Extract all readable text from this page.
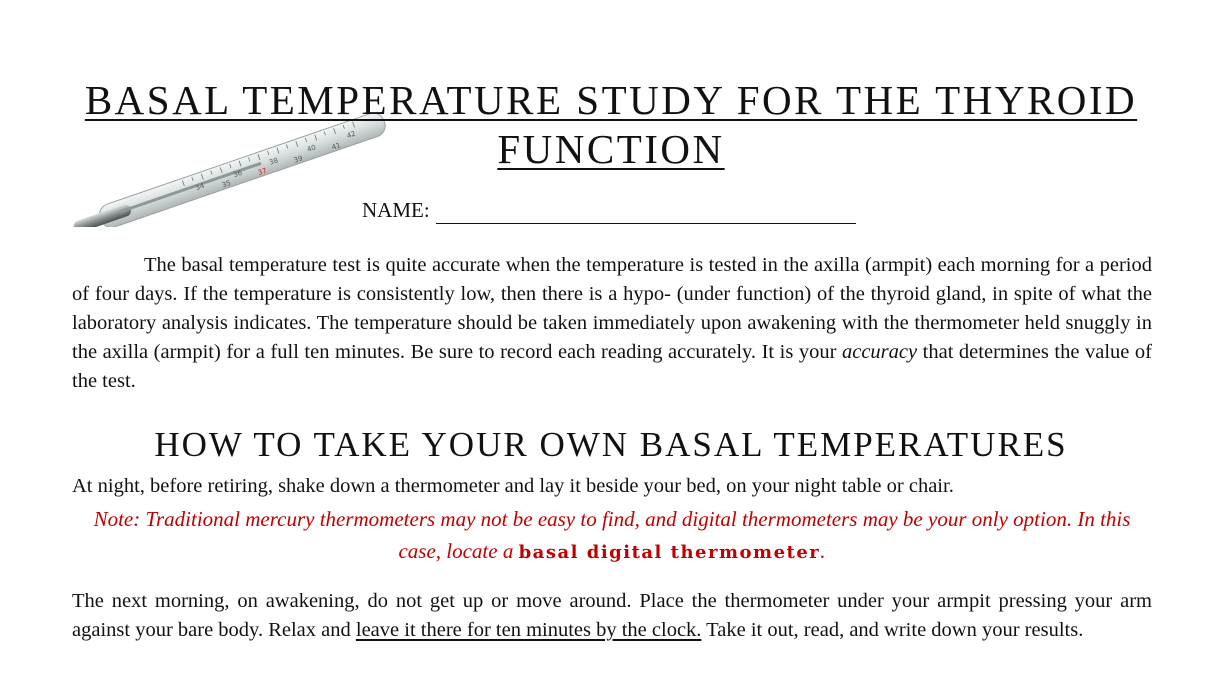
34 35
36 37
38 39
40 41
42
BASAL TEMPERATURE STUDY FOR THE THYROID FUNCTION
NAME:

The basal temperature test is quite accurate when the temperature is tested in the axilla (armpit) each morning for a period of four days. If the temperature is consistently low, then there is a hypo- (under function) of the thyroid gland, in spite of what the laboratory analysis indicates. The temperature should be taken immediately upon awakening with the thermometer held snuggly in the axilla (armpit) for a full ten minutes. Be sure to record each reading accurately. It is your accuracy that determines the value of the test.

HOW TO TAKE YOUR OWN BASAL TEMPERATURES

At night, before retiring, shake down a thermometer and lay it beside your bed, on your night table or chair.

Note: Traditional mercury thermometers may not be easy to find, and digital thermometers may be your only option. In this case, locate a basal digital thermometer.

The next morning, on awakening, do not get up or move around. Place the thermometer under your armpit pressing your arm against your bare body. Relax and leave it there for ten minutes by the clock. Take it out, read, and write down your results.
